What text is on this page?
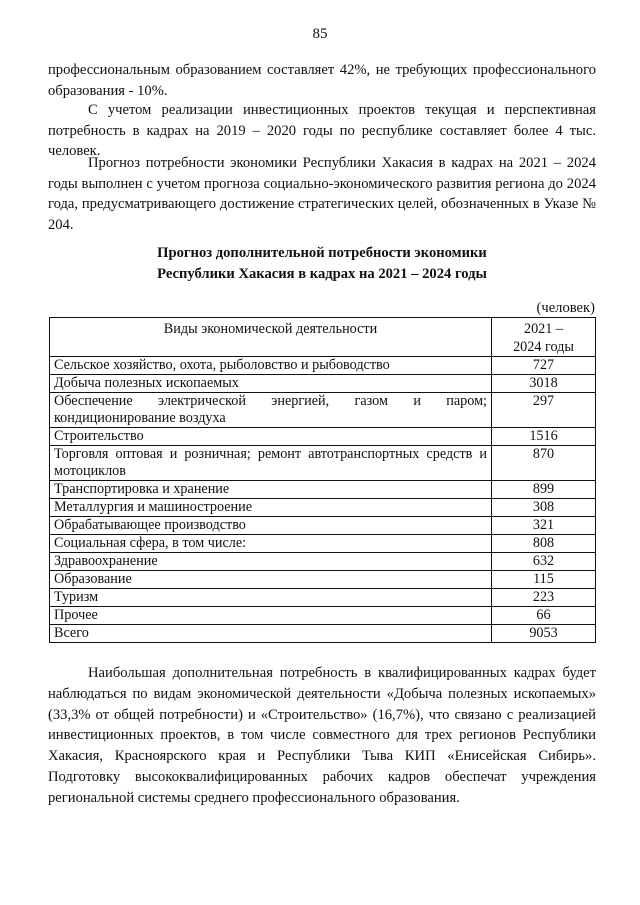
85

профессиональным образованием составляет 42%, не требующих профессионального образования - 10%.

С учетом реализации инвестиционных проектов текущая и перспективная потребность в кадрах на 2019 – 2020 годы по республике составляет более 4 тыс. человек.

Прогноз потребности экономики Республики Хакасия в кадрах на 2021 – 2024 годы выполнен с учетом прогноза социально-экономического развития региона до 2024 года, предусматривающего достижение стратегических целей, обозначенных в Указе № 204.

Прогноз дополнительной потребности экономики
Республики Хакасия в кадрах на 2021 – 2024 годы
(человек)
Виды экономической деятельности	2021 –
2024 годы

Сельское хозяйство, охота, рыболовство и рыбоводство	727
Добыча полезных ископаемых	3018
Обеспечение электрической энергией, газом и паром; кондиционирование воздуха	297
Строительство	1516
Торговля оптовая и розничная; ремонт автотранспортных средств и мотоциклов	870
Транспортировка и хранение	899
Металлургия и машиностроение	308
Обрабатывающее производство	321
Социальная сфера, в том числе:	808
Здравоохранение	632
Образование	115
Туризм	223
Прочее	66
Всего	9053

Наибольшая дополнительная потребность в квалифицированных кадрах будет наблюдаться по видам экономической деятельности «Добыча полезных ископаемых» (33,3% от общей потребности) и «Строительство» (16,7%), что связано с реализацией инвестиционных проектов, в том числе совместного для трех регионов Республики Хакасия, Красноярского края и Республики Тыва КИП «Енисейская Сибирь». Подготовку высококвалифицированных рабочих кадров обеспечат учреждения региональной системы среднего профессионального образования.
